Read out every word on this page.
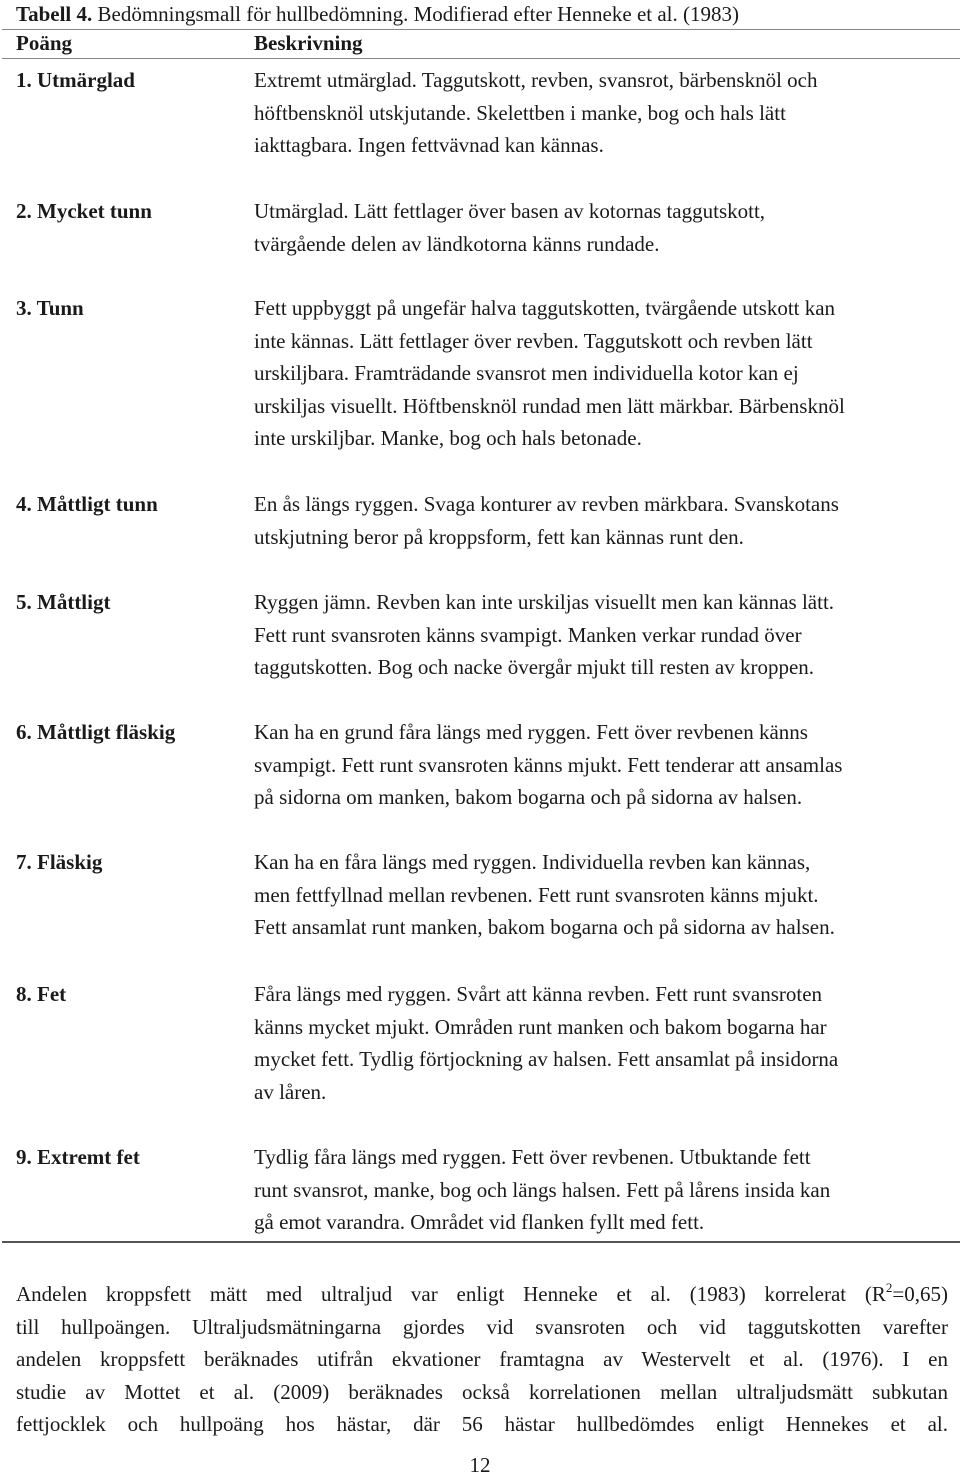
Tabell 4. Bedömningsmall för hullbedömning. Modifierad efter Henneke et al. (1983)
Poäng	Beskrivning
1. Utmärglad	Extremt utmärglad. Taggutskott, revben, svansrot, bärbensknöl och
höftbensknöl utskjutande. Skelettben i manke, bog och hals lätt
iakttagbara. Ingen fettvävnad kan kännas.
2. Mycket tunn	Utmärglad. Lätt fettlager över basen av kotornas taggutskott,
tvärgående delen av ländkotorna känns rundade.
3. Tunn	Fett uppbyggt på ungefär halva taggutskotten, tvärgående utskott kan
inte kännas. Lätt fettlager över revben. Taggutskott och revben lätt
urskiljbara. Framträdande svansrot men individuella kotor kan ej
urskiljas visuellt. Höftbensknöl rundad men lätt märkbar. Bärbensknöl
inte urskiljbar. Manke, bog och hals betonade.
4. Måttligt tunn	En ås längs ryggen. Svaga konturer av revben märkbara. Svanskotans
utskjutning beror på kroppsform, fett kan kännas runt den.
5. Måttligt	Ryggen jämn. Revben kan inte urskiljas visuellt men kan kännas lätt.
Fett runt svansroten känns svampigt. Manken verkar rundad över
taggutskotten. Bog och nacke övergår mjukt till resten av kroppen.
6. Måttligt fläskig	Kan ha en grund fåra längs med ryggen. Fett över revbenen känns
svampigt. Fett runt svansroten känns mjukt. Fett tenderar att ansamlas
på sidorna om manken, bakom bogarna och på sidorna av halsen.
7. Fläskig	Kan ha en fåra längs med ryggen. Individuella revben kan kännas,
men fettfyllnad mellan revbenen. Fett runt svansroten känns mjukt.
Fett ansamlat runt manken, bakom bogarna och på sidorna av halsen.
8. Fet	Fåra längs med ryggen. Svårt att känna revben. Fett runt svansroten
känns mycket mjukt. Områden runt manken och bakom bogarna har
mycket fett. Tydlig förtjockning av halsen. Fett ansamlat på insidorna
av låren.
9. Extremt fet	Tydlig fåra längs med ryggen. Fett över revbenen. Utbuktande fett
runt svansrot, manke, bog och längs halsen. Fett på lårens insida kan
gå emot varandra. Området vid flanken fyllt med fett.
Andelen kroppsfett mätt med ultraljud var enligt Henneke et al. (1983) korrelerat $(R^2=0,65)$
till hullpoängen. Ultraljudsmätningarna gjordes vid svansroten och vid taggutskotten varefter
andelen kroppsfett beräknades utifrån ekvationer framtagna av Westervelt et al. (1976). I en
studie av Mottet et al. (2009) beräknades också korrelationen mellan ultraljudsmätt subkutan
fettjocklek och hullpoäng hos hästar, där 56 hästar hullbedömdes enligt Hennekes et al.
12
